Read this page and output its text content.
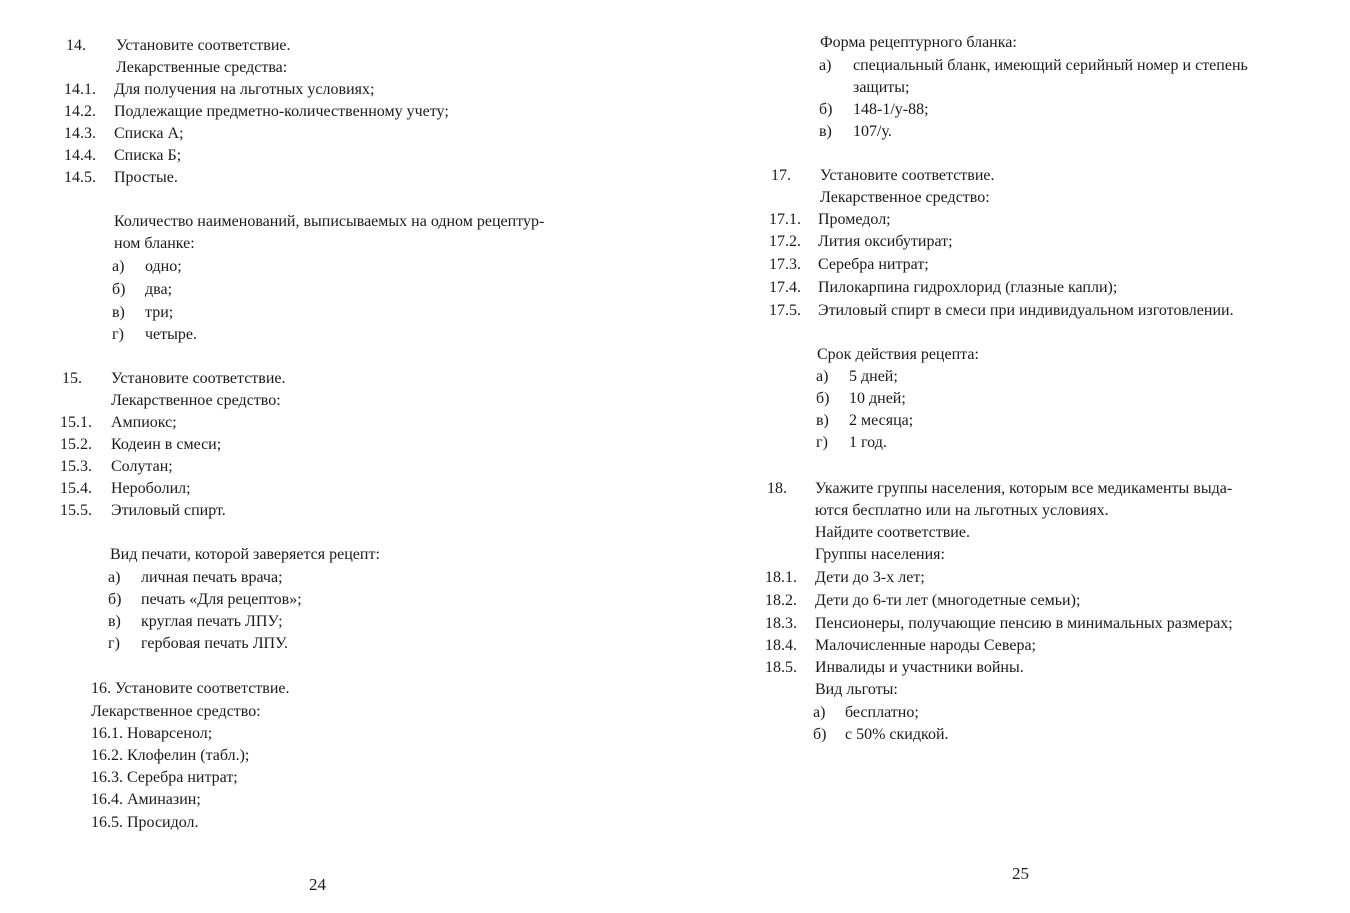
14. Установите соответствие.
Лекарственные средства:
14.1. Для получения на льготных условиях;
14.2. Подлежащие предметно-количественному учету;
14.3. Списка А;
14.4. Списка Б;
14.5. Простые.
Количество наименований, выписываемых на одном рецептур-
ном бланке:
а) одно;
б) два;
в) три;
г) четыре.
15. Установите соответствие.
Лекарственное средство:
15.1. Ампиокс;
15.2. Кодеин в смеси;
15.3. Солутан;
15.4. Нероболил;
15.5. Этиловый спирт.
Вид печати, которой заверяется рецепт:
а) личная печать врача;
б) печать «Для рецептов»;
в) круглая печать ЛПУ;
г) гербовая печать ЛПУ.
16. Установите соответствие.
Лекарственное средство:
16.1. Новарсенол;
16.2. Клофелин (табл.);
16.3. Серебра нитрат;
16.4. Аминазин;
16.5. Просидол.
24
Форма рецептурного бланка:
а) специальный бланк, имеющий серийный номер и степень
защиты;
б) 148-1/у-88;
в) 107/у.
17. Установите соответствие.
Лекарственное средство:
17.1. Промедол;
17.2. Лития оксибутират;
17.3. Серебра нитрат;
17.4. Пилокарпина гидрохлорид (глазные капли);
17.5. Этиловый спирт в смеси при индивидуальном изготовлении.
Срок действия рецепта:
а) 5 дней;
б) 10 дней;
в) 2 месяца;
г) 1 год.
18. Укажите группы населения, которым все медикаменты выда-
ются бесплатно или на льготных условиях.
Найдите соответствие.
Группы населения:
18.1. Дети до 3-х лет;
18.2. Дети до 6-ти лет (многодетные семьи);
18.3. Пенсионеры, получающие пенсию в минимальных размерах;
18.4. Малочисленные народы Севера;
18.5. Инвалиды и участники войны.
Вид льготы:
а) бесплатно;
б) с 50% скидкой.
25
